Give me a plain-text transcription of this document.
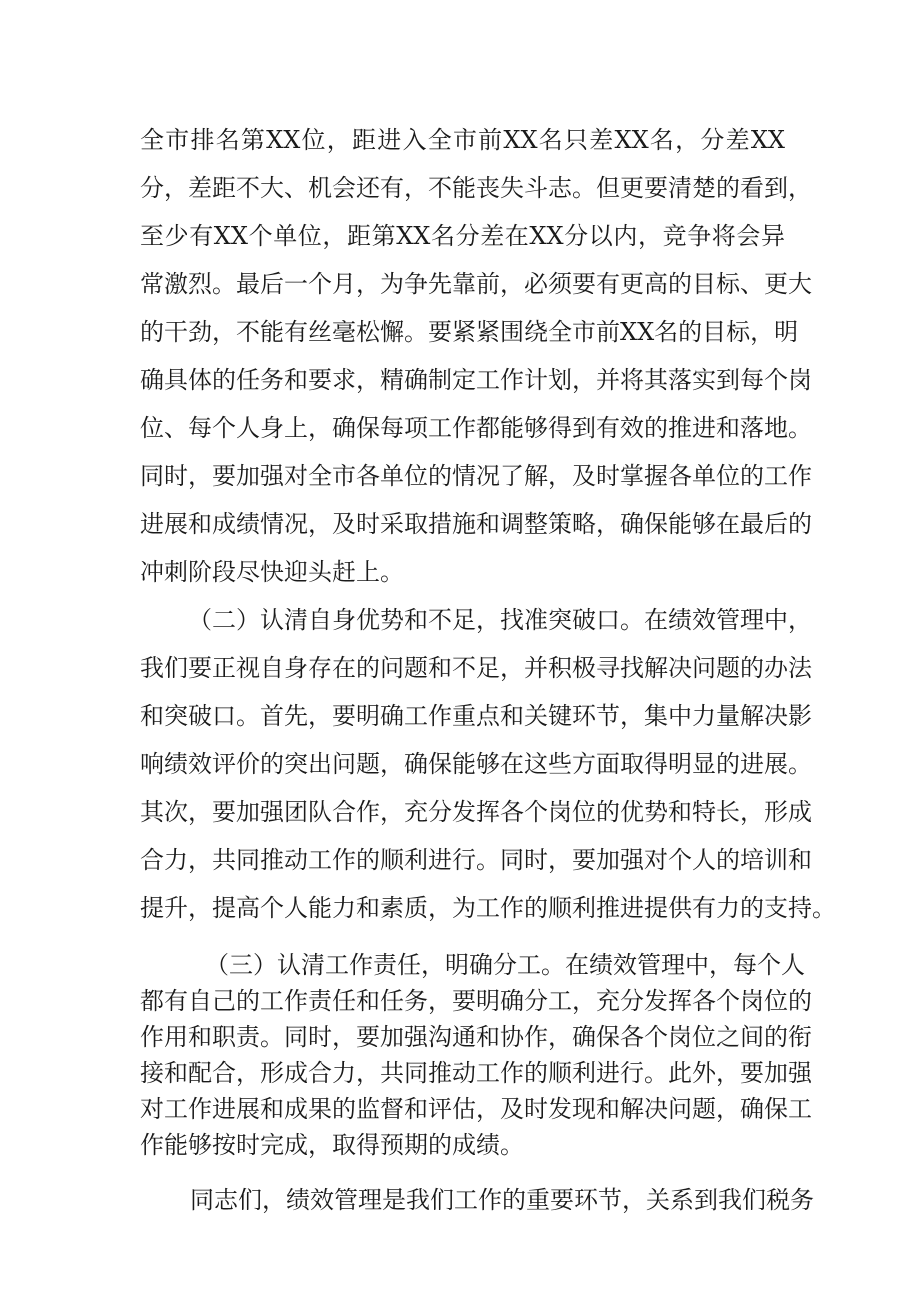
全市排名第XX位，距进入全市前XX名只差XX名，分差XX
分，差距不大、机会还有，不能丧失斗志。但更要清楚的看到，
至少有XX个单位，距第XX名分差在XX分以内，竞争将会异
常激烈。最后一个月，为争先靠前，必须要有更高的目标、更大
的干劲，不能有丝毫松懈。要紧紧围绕全市前XX名的目标，明
确具体的任务和要求，精确制定工作计划，并将其落实到每个岗
位、每个人身上，确保每项工作都能够得到有效的推进和落地。
同时，要加强对全市各单位的情况了解，及时掌握各单位的工作
进展和成绩情况，及时采取措施和调整策略，确保能够在最后的
冲刺阶段尽快迎头赶上。
（二）认清自身优势和不足，找准突破口。在绩效管理中，
我们要正视自身存在的问题和不足，并积极寻找解决问题的办法
和突破口。首先，要明确工作重点和关键环节，集中力量解决影
响绩效评价的突出问题，确保能够在这些方面取得明显的进展。
其次，要加强团队合作，充分发挥各个岗位的优势和特长，形成
合力，共同推动工作的顺利进行。同时，要加强对个人的培训和
提升，提高个人能力和素质，为工作的顺利推进提供有力的支持。
（三）认清工作责任，明确分工。在绩效管理中，每个人
都有自己的工作责任和任务，要明确分工，充分发挥各个岗位的
作用和职责。同时，要加强沟通和协作，确保各个岗位之间的衔
接和配合，形成合力，共同推动工作的顺利进行。此外，要加强
对工作进展和成果的监督和评估，及时发现和解决问题，确保工
作能够按时完成，取得预期的成绩。
同志们，绩效管理是我们工作的重要环节，关系到我们税务
